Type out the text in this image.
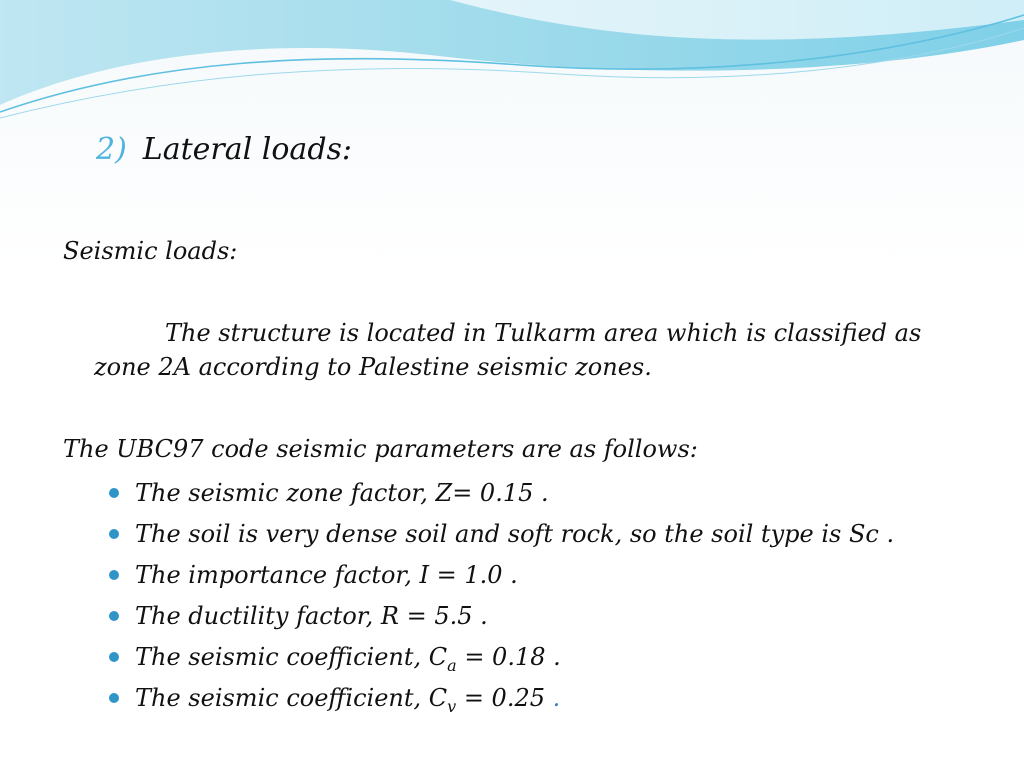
2) Lateral loads:
Seismic loads:
The structure is located in Tulkarm area which is classified as
zone 2A according to Palestine seismic zones.
The UBC97 code seismic parameters are as follows:
The seismic zone factor, Z= 0.15 .
The soil is very dense soil and soft rock, so the soil type is Sc .
The importance factor, I = 1.0 .
The ductility factor, R = 5.5 .
The seismic coefficient, $C_a = 0.18$ .
The seismic coefficient, $C_v = 0.25$ .
